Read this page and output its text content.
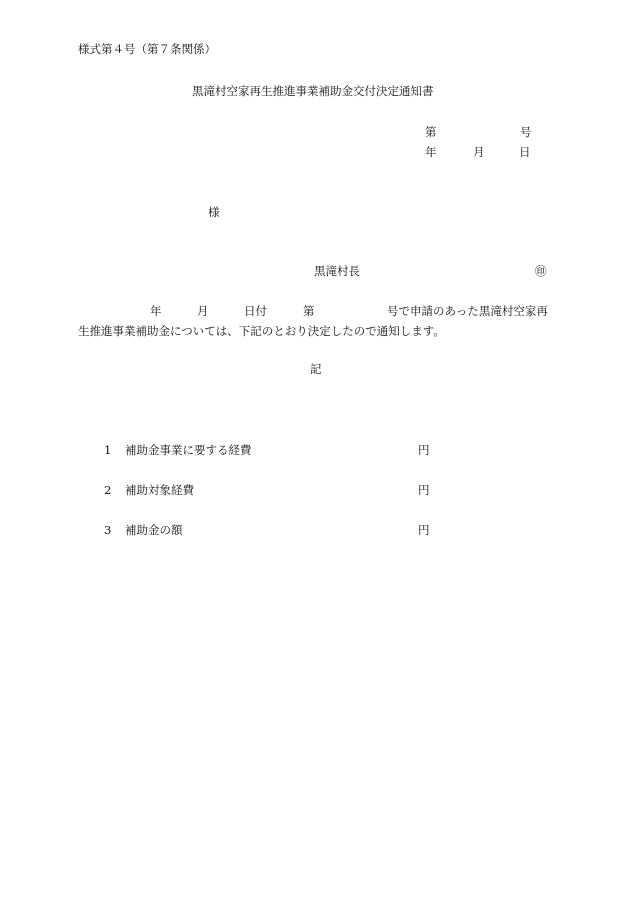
様式第４号（第７条関係）
黒滝村空家再生推進事業補助金交付決定通知書
第	号
年	月	日
様
黒滝村長	㊞
年	月	日付	第	号で申請のあった黒滝村空家再
生推進事業補助金については、下記のとおり決定したので通知します。
記
1 補助金事業に要する経費	円
2 補助対象経費	円
3 補助金の額	円
